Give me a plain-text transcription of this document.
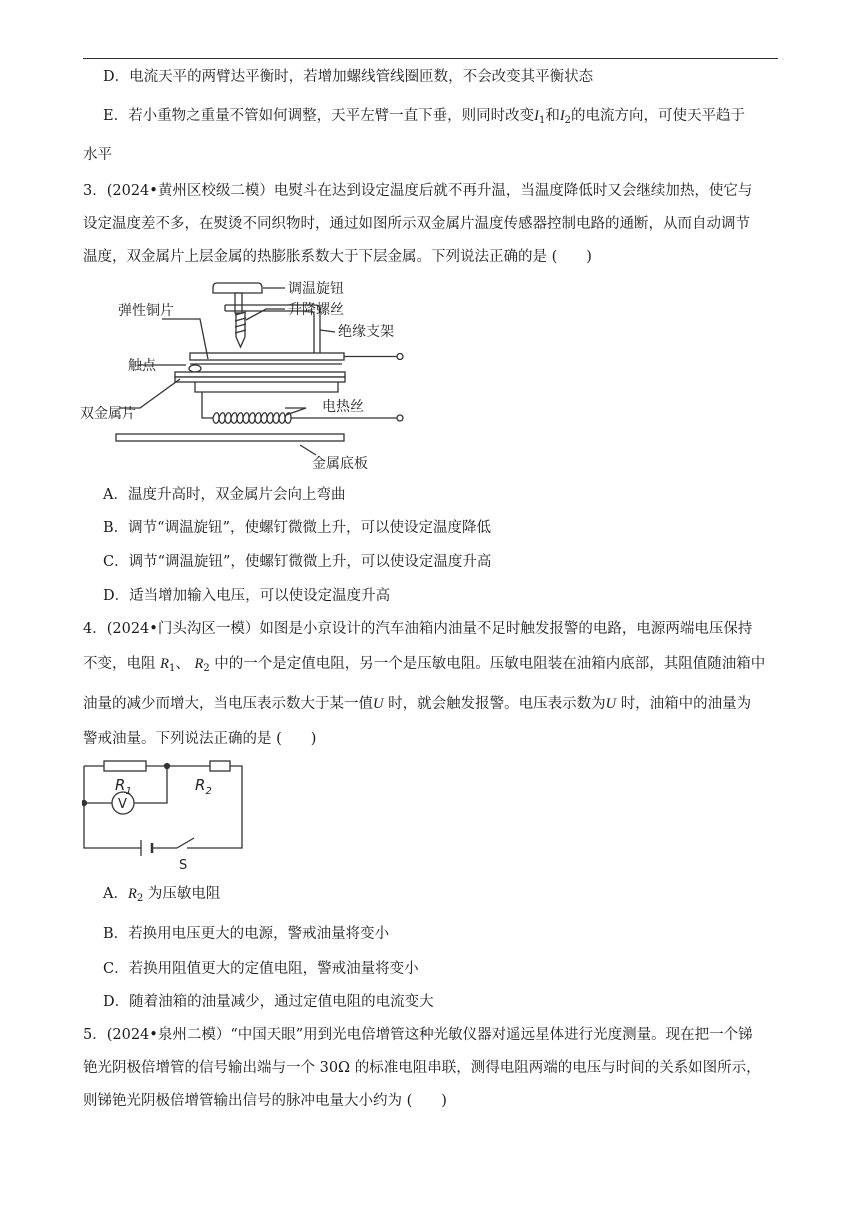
D．电流天平的两臂达平衡时，若增加螺线管线圈匝数，不会改变其平衡状态
E．若小重物之重量不管如何调整，天平左臂一直下垂，则同时改变$I_1$和$I_2$的电流方向，可使天平趋于
水平
3．(2024•黄州区校级二模）电熨斗在达到设定温度后就不再升温，当温度降低时又会继续加热，使它与
设定温度差不多，在熨烫不同织物时，通过如图所示双金属片温度传感器控制电路的通断，从而自动调节
温度，双金属片上层金属的热膨胀系数大于下层金属。下列说法正确的是 (　　)
调温旋钮
弹性铜片	升降螺丝
绝缘支架
触点
双金属片	电热丝
金属底板
A．温度升高时，双金属片会向上弯曲
B．调节“调温旋钮”，使螺钉微微上升，可以使设定温度降低
C．调节“调温旋钮”，使螺钉微微上升，可以使设定温度升高
D．适当增加输入电压，可以使设定温度升高
4．(2024•门头沟区一模）如图是小京设计的汽车油箱内油量不足时触发报警的电路，电源两端电压保持
不变，电阻 $R_1$、 $R_2$ 中的一个是定值电阻，另一个是压敏电阻。压敏电阻装在油箱内底部，其阻值随油箱中
油量的减少而增大，当电压表示数大于某一值U 时，就会触发报警。电压表示数为U 时，油箱中的油量为
警戒油量。下列说法正确的是 (　　)
$R_1$	$R_2$
V
S
A．$R_2$ 为压敏电阻
B．若换用电压更大的电源，警戒油量将变小
C．若换用阻值更大的定值电阻，警戒油量将变小
D．随着油箱的油量减少，通过定值电阻的电流变大
5．(2024•泉州二模）“中国天眼”用到光电倍增管这种光敏仪器对遥远星体进行光度测量。现在把一个锑
铯光阴极倍增管的信号输出端与一个 30Ω 的标准电阻串联，测得电阻两端的电压与时间的关系如图所示，
则锑铯光阴极倍增管输出信号的脉冲电量大小约为 (　　)
